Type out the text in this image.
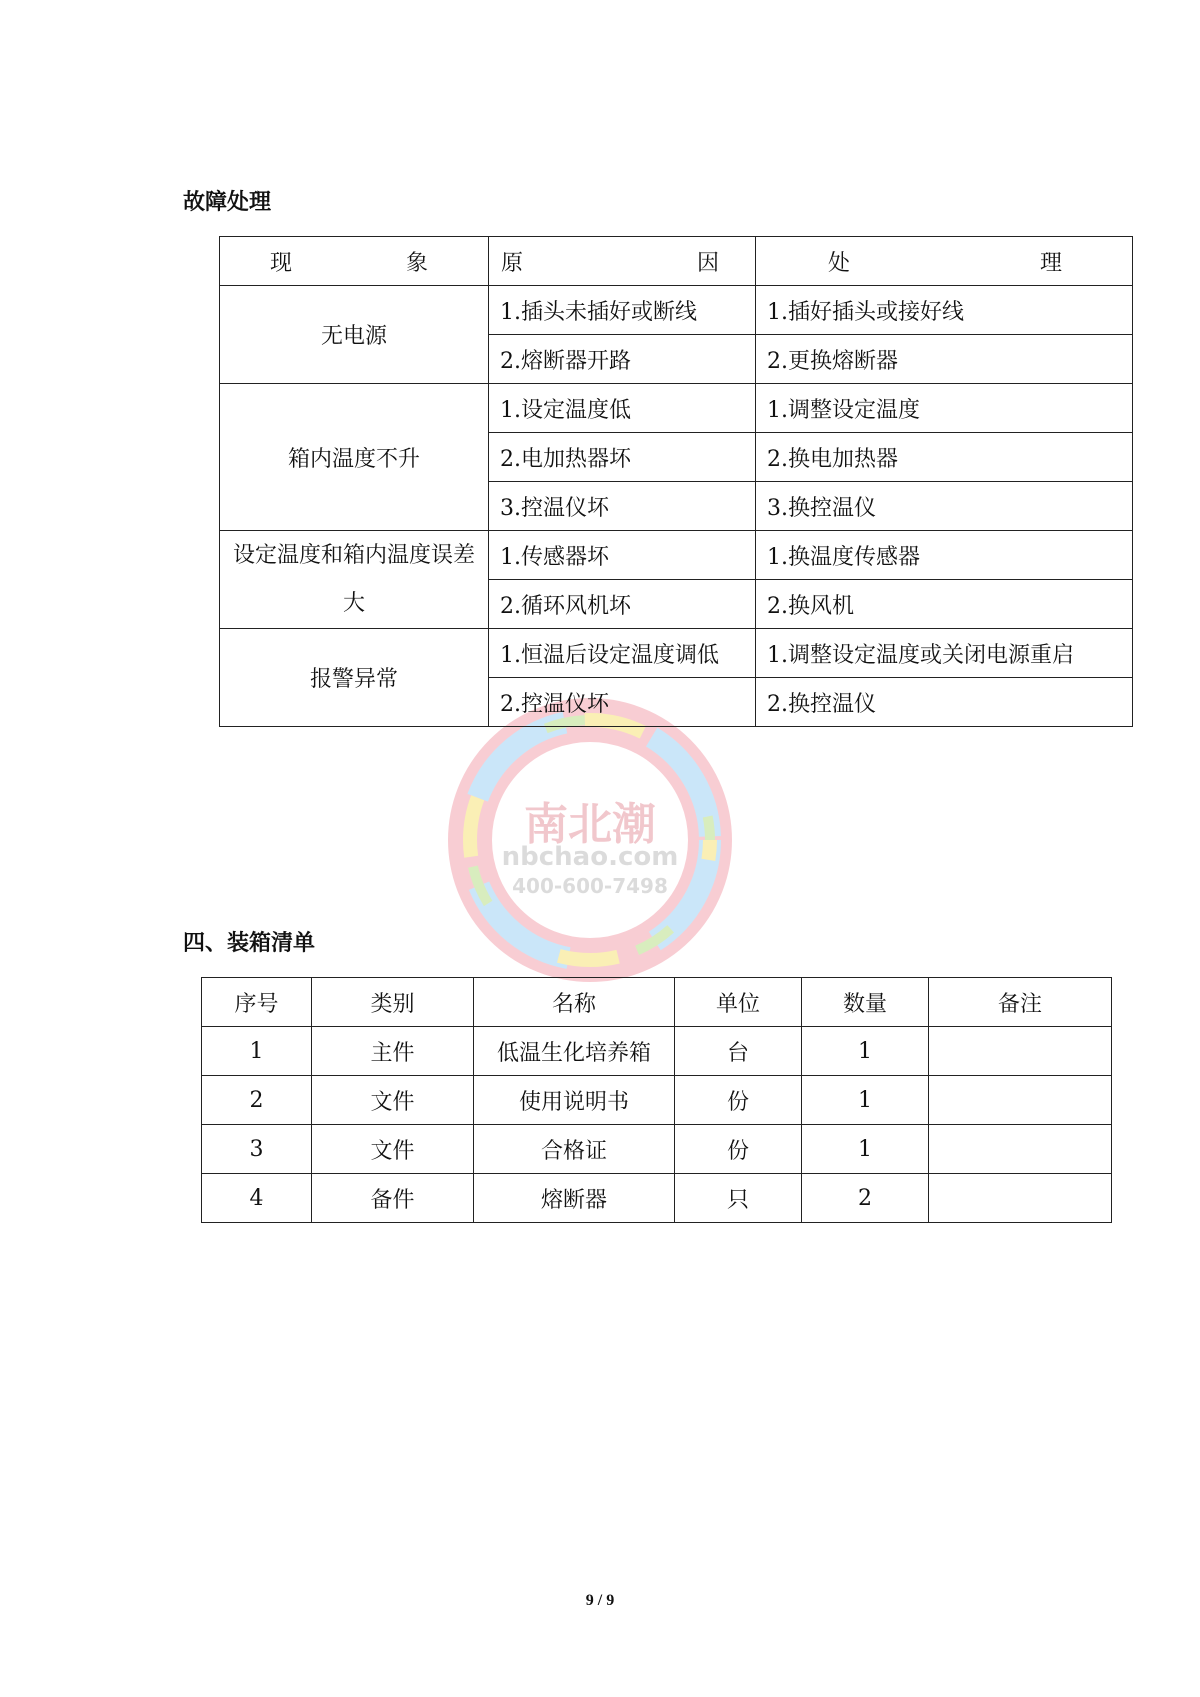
南北潮
nbchao.com
400-600-7498
故障处理
现象	原因	处理
无电源	1.插头未插好或断线	1.插好插头或接好线
	2.熔断器开路	2.更换熔断器
箱内温度不升	1.设定温度低	1.调整设定温度
	2.电加热器坏	2.换电加热器
	3.控温仪坏	3.换控温仪
设定温度和箱内温度误差大	1.传感器坏	1.换温度传感器
	2.循环风机坏	2.换风机
报警异常	1.恒温后设定温度调低	1.调整设定温度或关闭电源重启
	2.控温仪坏	2.换控温仪
四、装箱清单
序号	类别	名称	单位	数量	备注
1	主件	低温生化培养箱	台	1	
2	文件	使用说明书	份	1	
3	文件	合格证	份	1	
4	备件	熔断器	只	2	
9 / 9
